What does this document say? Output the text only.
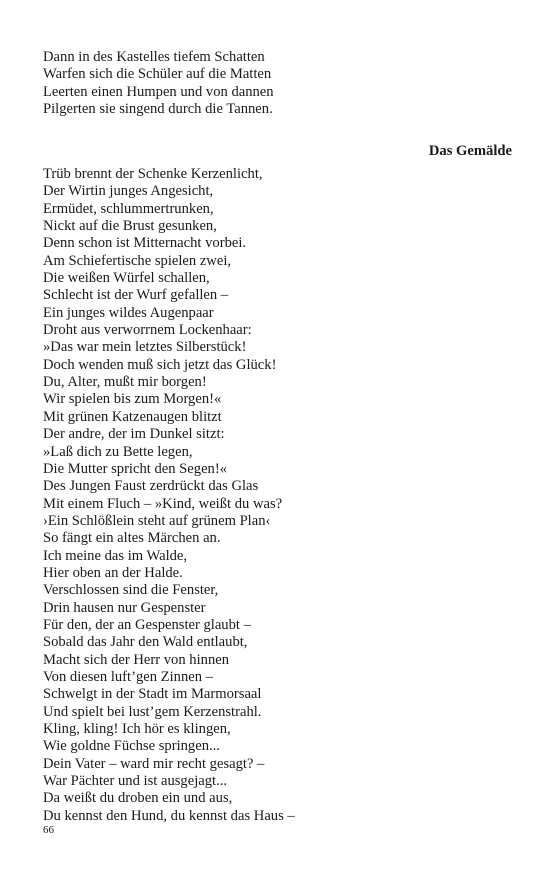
Dann in des Kastelles tiefem Schatten
Warfen sich die Schüler auf die Matten
Leerten einen Humpen und von dannen
Pilgerten sie singend durch die Tannen.
Das Gemälde
Trüb brennt der Schenke Kerzenlicht,
Der Wirtin junges Angesicht,
Ermüdet, schlummertrunken,
Nickt auf die Brust gesunken,
Denn schon ist Mitternacht vorbei.
Am Schiefertische spielen zwei,
Die weißen Würfel schallen,
Schlecht ist der Wurf gefallen –
Ein junges wildes Augenpaar
Droht aus verworrnem Lockenhaar:
»Das war mein letztes Silberstück!
Doch wenden muß sich jetzt das Glück!
Du, Alter, mußt mir borgen!
Wir spielen bis zum Morgen!«
Mit grünen Katzenaugen blitzt
Der andre, der im Dunkel sitzt:
»Laß dich zu Bette legen,
Die Mutter spricht den Segen!«
Des Jungen Faust zerdrückt das Glas
Mit einem Fluch – »Kind, weißt du was?
›Ein Schlößlein steht auf grünem Plan‹
So fängt ein altes Märchen an.
Ich meine das im Walde,
Hier oben an der Halde.
Verschlossen sind die Fenster,
Drin hausen nur Gespenster
Für den, der an Gespenster glaubt –
Sobald das Jahr den Wald entlaubt,
Macht sich der Herr von hinnen
Von diesen luft’gen Zinnen –
Schwelgt in der Stadt im Marmorsaal
Und spielt bei lust’gem Kerzenstrahl.
Kling, kling! Ich hör es klingen,
Wie goldne Füchse springen...
Dein Vater – ward mir recht gesagt? –
War Pächter und ist ausgejagt...
Da weißt du droben ein und aus,
Du kennst den Hund, du kennst das Haus –
66
